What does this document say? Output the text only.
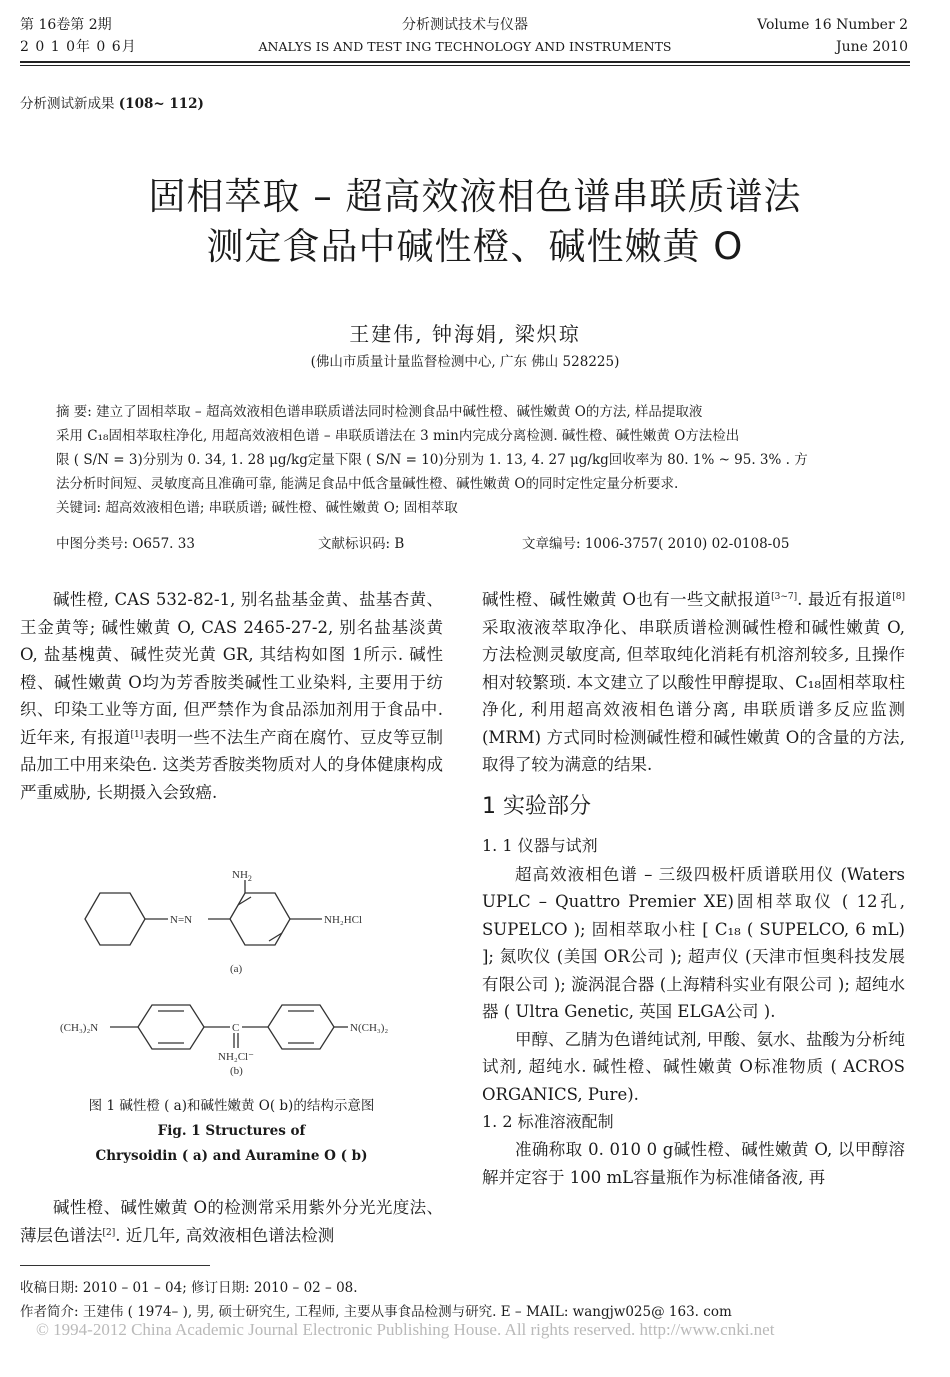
第 16卷第 2期
2 0 1 0年 0 6月
分析测试技术与仪器
ANALYS IS AND TEST ING TECHNOLOGY AND INSTRUMENTS
Volume 16 Number 2
June 2010
分析测试新成果 (108~ 112)
固相萃取 – 超高效液相色谱串联质谱法
测定食品中碱性橙、碱性嫩黄 O
王建伟, 钟海娟, 梁炽琼
(佛山市质量计量监督检测中心, 广东 佛山 528225)
摘 要: 建立了固相萃取 – 超高效液相色谱串联质谱法同时检测食品中碱性橙、碱性嫩黄 O的方法, 样品提取液
采用 C₁₈固相萃取柱净化, 用超高效液相色谱 – 串联质谱法在 3 min内完成分离检测. 碱性橙、碱性嫩黄 O方法检出
限 ( S/N = 3)分别为 0. 34, 1. 28 μg/kg定量下限 ( S/N = 10)分别为 1. 13, 4. 27 μg/kg回收率为 80. 1% ~ 95. 3% . 方
法分析时间短、灵敏度高且准确可靠, 能满足食品中低含量碱性橙、碱性嫩黄 O的同时定性定量分析要求.
关键词: 超高效液相色谱; 串联质谱; 碱性橙、碱性嫩黄 O; 固相萃取
中图分类号: O657. 33	文献标识码: B	文章编号: 1006-3757( 2010) 02-0108-05

碱性橙, CAS 532-82-1, 别名盐基金黄、盐基杏黄、王金黄等; 碱性嫩黄 O, CAS 2465-27-2, 别名盐基淡黄 O, 盐基槐黄、碱性荧光黄 GR, 其结构如图 1所示. 碱性橙、碱性嫩黄 O均为芳香胺类碱性工业染料, 主要用于纺织、印染工业等方面, 但严禁作为食品添加剂用于食品中. 近年来, 有报道[1]表明一些不法生产商在腐竹、豆皮等豆制品加工中用来染色. 这类芳香胺类物质对人的身体健康构成严重威胁, 长期摄入会致癌.

$NH_2$
N=N	NH₂HCl
(a)
(CH₃)₂N	C	N(CH₃)₂
NH₂Cl⁻
(b)
图 1 碱性橙 ( a)和碱性嫩黄 O( b)的结构示意图
Fig. 1 Structures of
Chrysoidin ( a) and Auramine O ( b)

碱性橙、碱性嫩黄 O的检测常采用紫外分光光度法、薄层色谱法[2]. 近几年, 高效液相色谱法检测

碱性橙、碱性嫩黄 O也有一些文献报道[3~7]. 最近有报道[8]采取液液萃取净化、串联质谱检测碱性橙和碱性嫩黄 O, 方法检测灵敏度高, 但萃取纯化消耗有机溶剂较多, 且操作相对较繁琐. 本文建立了以酸性甲醇提取、C₁₈固相萃取柱净化, 利用超高效液相色谱分离, 串联质谱多反应监测 (MRM) 方式同时检测碱性橙和碱性嫩黄 O的含量的方法, 取得了较为满意的结果.

1 实验部分
1. 1 仪器与试剂

超高效液相色谱 – 三级四极杆质谱联用仪 (Waters UPLC – Quattro Premier XE)固相萃取仪 ( 12孔, SUPELCO ); 固相萃取小柱 [ C₁₈ ( SUPELCO, 6 mL) ]; 氮吹仪 (美国 OR公司 ); 超声仪 (天津市恒奥科技发展有限公司 ); 漩涡混合器 (上海精科实业有限公司 ); 超纯水器 ( Ultra Genetic, 英国 ELGA公司 ).

甲醇、乙腈为色谱纯试剂, 甲酸、氨水、盐酸为分析纯试剂, 超纯水. 碱性橙、碱性嫩黄 O标准物质 ( ACROS ORGANICS, Pure).

1. 2 标准溶液配制

准确称取 0. 010 0 g碱性橙、碱性嫩黄 O, 以甲醇溶解并定容于 100 mL容量瓶作为标准储备液, 再

收稿日期: 2010 – 01 – 04; 修订日期: 2010 – 02 – 08.
作者简介: 王建伟 ( 1974– ), 男, 硕士研究生, 工程师, 主要从事食品检测与研究. E – MAIL: wangjw025@ 163. com
© 1994-2012 China Academic Journal Electronic Publishing House. All rights reserved. http://www.cnki.net
